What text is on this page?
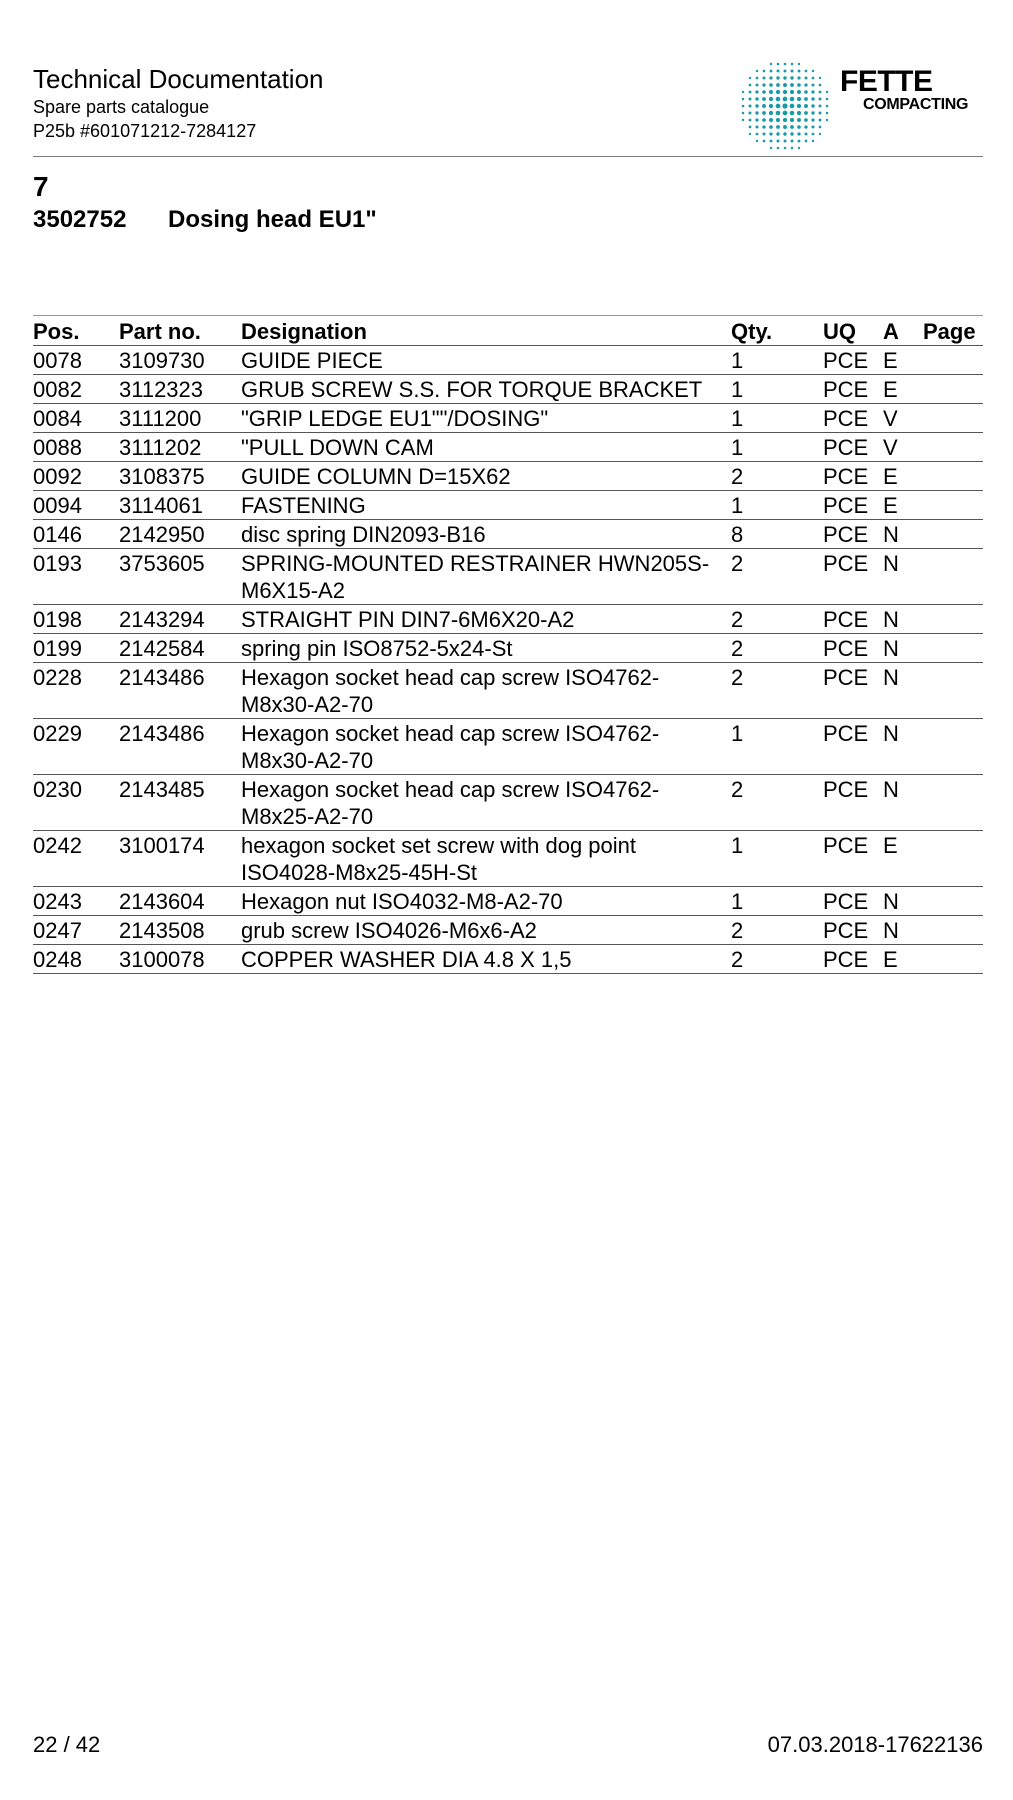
Technical Documentation
Spare parts catalogue
P25b #601071212-7284127
FETTE
COMPACTING
7
3502752 Dosing head EU1"
Pos.	Part no.	Designation	Qty.	UQ	A	Page
0078	3109730	GUIDE PIECE	1	PCE	E	
0082	3112323	GRUB SCREW S.S. FOR TORQUE BRACKET	1	PCE	E	
0084	3111200	"GRIP LEDGE EU1""/DOSING"	1	PCE	V	
0088	3111202	"PULL DOWN CAM	1	PCE	V	
0092	3108375	GUIDE COLUMN D=15X62	2	PCE	E	
0094	3114061	FASTENING	1	PCE	E	
0146	2142950	disc spring DIN2093-B16	8	PCE	N	
0193	3753605	SPRING-MOUNTED RESTRAINER HWN205S-M6X15-A2	2	PCE	N	
0198	2143294	STRAIGHT PIN DIN7-6M6X20-A2	2	PCE	N	
0199	2142584	spring pin ISO8752-5x24-St	2	PCE	N	
0228	2143486	Hexagon socket head cap screw ISO4762-M8x30-A2-70	2	PCE	N	
0229	2143486	Hexagon socket head cap screw ISO4762-M8x30-A2-70	1	PCE	N	
0230	2143485	Hexagon socket head cap screw ISO4762-M8x25-A2-70	2	PCE	N	
0242	3100174	hexagon socket set screw with dog point ISO4028-M8x25-45H-St	1	PCE	E	
0243	2143604	Hexagon nut ISO4032-M8-A2-70	1	PCE	N	
0247	2143508	grub screw ISO4026-M6x6-A2	2	PCE	N	
0248	3100078	COPPER WASHER DIA 4.8 X 1,5	2	PCE	E	
22 / 42	07.03.2018-17622136
